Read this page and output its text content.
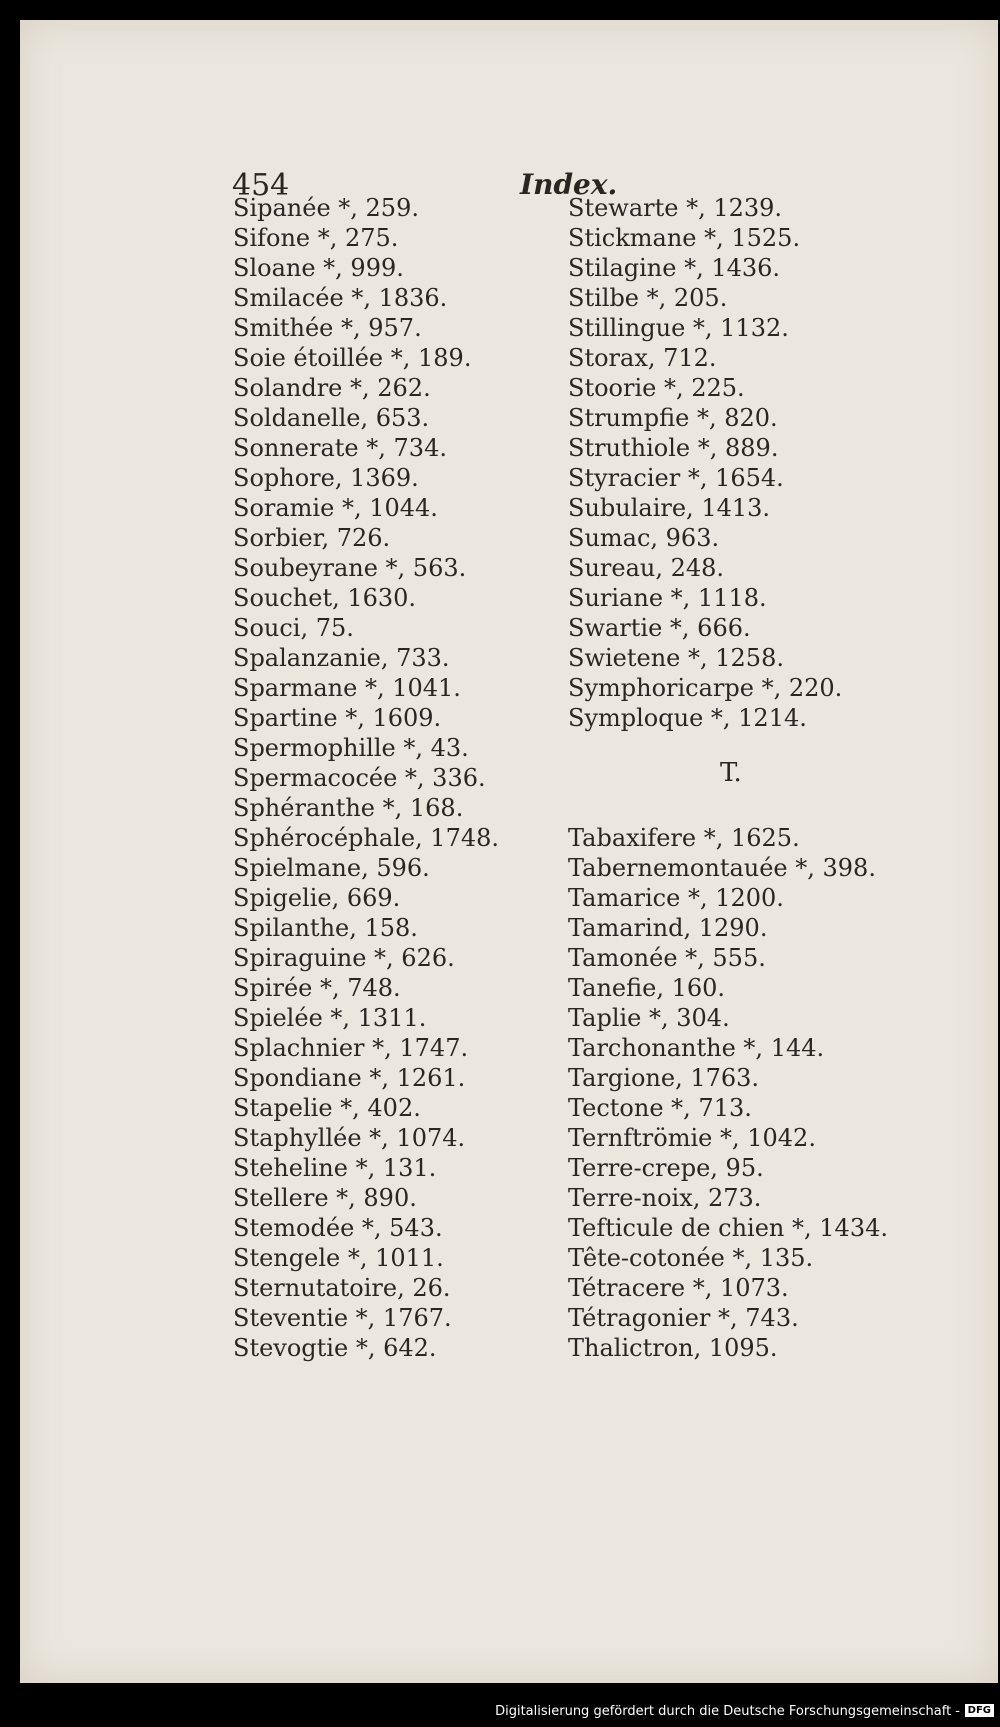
454	Index.
Sipanée *, 259.
Sifone *, 275.
Sloane *, 999.
Smilacée *, 1836.
Smithée *, 957.
Soie étoillée *, 189.
Solandre *, 262.
Soldanelle, 653.
Sonnerate *, 734.
Sophore, 1369.
Soramie *, 1044.
Sorbier, 726.
Soubeyrane *, 563.
Souchet, 1630.
Souci, 75.
Spalanzanie, 733.
Sparmane *, 1041.
Spartine *, 1609.
Spermophille *, 43.
Spermacocée *, 336.
Sphéranthe *, 168.
Sphérocéphale, 1748.
Spielmane, 596.
Spigelie, 669.
Spilanthe, 158.
Spiraguine *, 626.
Spirée *, 748.
Spielée *, 1311.
Splachnier *, 1747.
Spondiane *, 1261.
Stapelie *, 402.
Staphyllée *, 1074.
Steheline *, 131.
Stellere *, 890.
Stemodée *, 543.
Stengele *, 1011.
Sternutatoire, 26.
Steventie *, 1767.
Stevogtie *, 642.
Stewarte *, 1239.
Stickmane *, 1525.
Stilagine *, 1436.
Stilbe *, 205.
Stillingue *, 1132.
Storax, 712.
Stoorie *, 225.
Strumpfie *, 820.
Struthiole *, 889.
Styracier *, 1654.
Subulaire, 1413.
Sumac, 963.
Sureau, 248.
Suriane *, 1118.
Swartie *, 666.
Swietene *, 1258.
Symphoricarpe *, 220.
Symploque *, 1214.
T.
Tabaxifere *, 1625.
Tabernemontauée *, 398.
Tamarice *, 1200.
Tamarind, 1290.
Tamonée *, 555.
Tanefie, 160.
Taplie *, 304.
Tarchonanthe *, 144.
Targione, 1763.
Tectone *, 713.
Ternftrömie *, 1042.
Terre-crepe, 95.
Terre-noix, 273.
Tefticule de chien *, 1434.
Tête-cotonée *, 135.
Tétracere *, 1073.
Tétragonier *, 743.
Thalictron, 1095.
Digitalisierung gefördert durch die Deutsche Forschungsgemeinschaft - DFG
